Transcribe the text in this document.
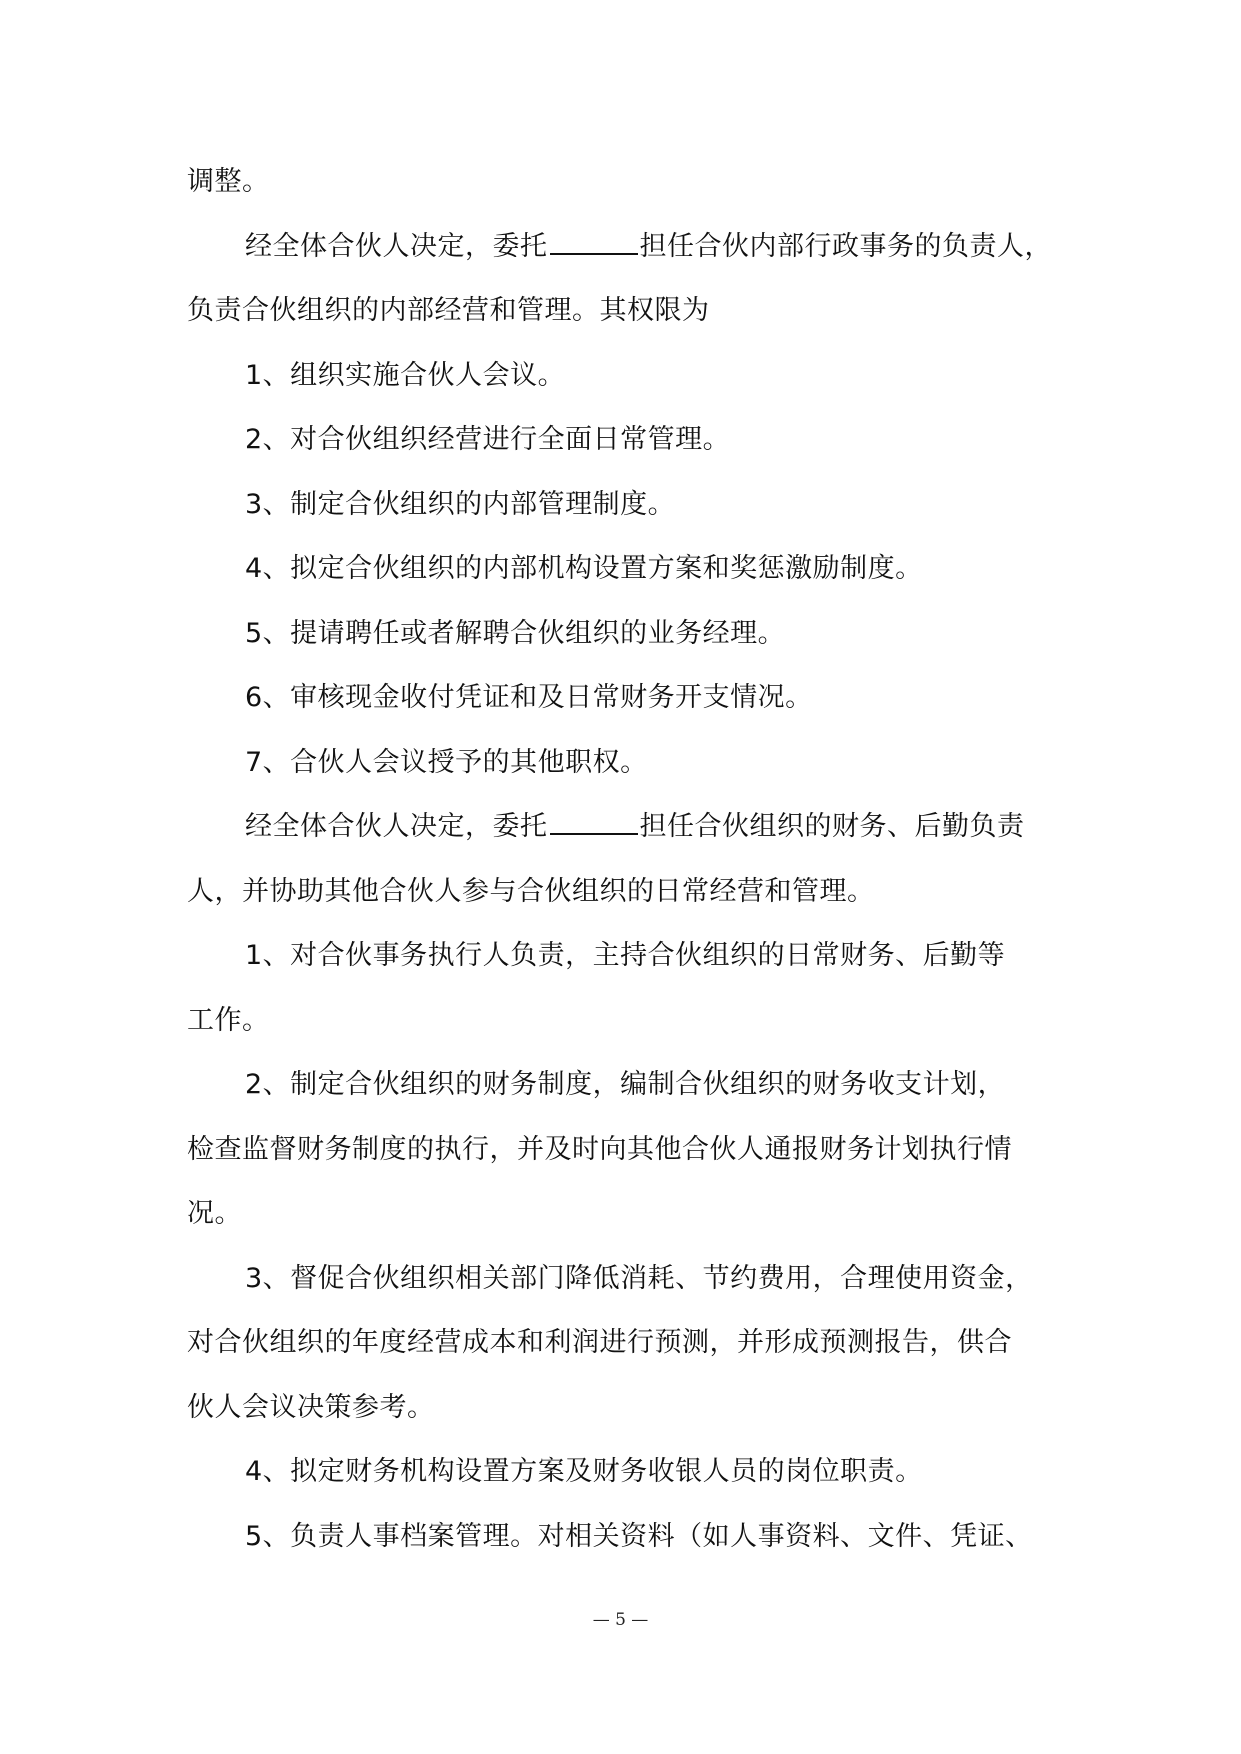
调整。
经全体合伙人决定，委托	担任合伙内部行政事务的负责人，
负责合伙组织的内部经营和管理。其权限为
1、组织实施合伙人会议。
2、对合伙组织经营进行全面日常管理。
3、制定合伙组织的内部管理制度。
4、拟定合伙组织的内部机构设置方案和奖惩激励制度。
5、提请聘任或者解聘合伙组织的业务经理。
6、审核现金收付凭证和及日常财务开支情况。
7、合伙人会议授予的其他职权。
经全体合伙人决定，委托	担任合伙组织的财务、后勤负责
人，并协助其他合伙人参与合伙组织的日常经营和管理。
1、对合伙事务执行人负责，主持合伙组织的日常财务、后勤等
工作。
2、制定合伙组织的财务制度，编制合伙组织的财务收支计划，
检查监督财务制度的执行，并及时向其他合伙人通报财务计划执行情
况。
3、督促合伙组织相关部门降低消耗、节约费用，合理使用资金，
对合伙组织的年度经营成本和利润进行预测，并形成预测报告，供合
伙人会议决策参考。
4、拟定财务机构设置方案及财务收银人员的岗位职责。
5、负责人事档案管理。对相关资料（如人事资料、文件、凭证、
— 5 —
